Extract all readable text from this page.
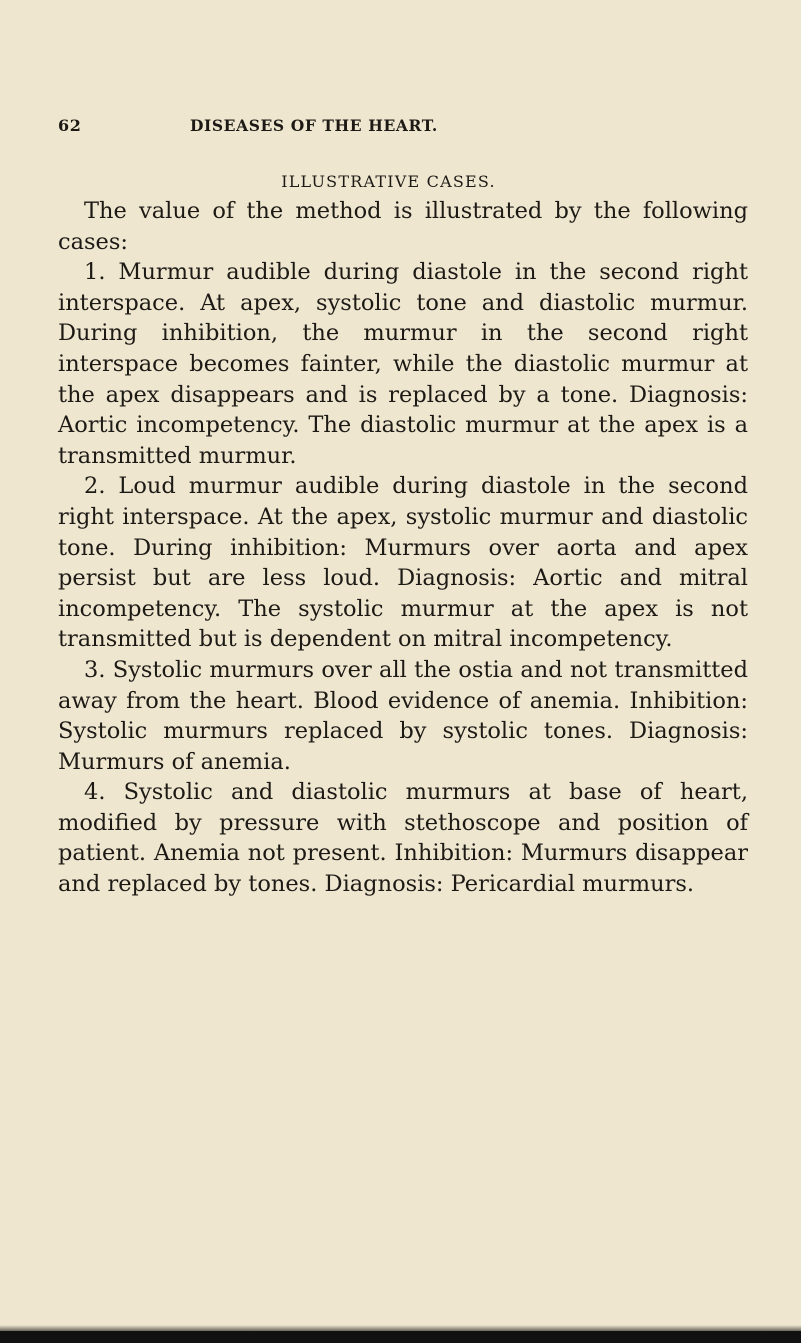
62	DISEASES OF THE HEART.
ILLUSTRATIVE CASES.

The value of the method is illustrated by the following cases:

1. Murmur audible during diastole in the second right interspace. At apex, systolic tone and diastolic murmur. During inhibition, the murmur in the second right interspace becomes fainter, while the diastolic murmur at the apex disappears and is replaced by a tone. Diagnosis: Aortic incompetency. The diastolic murmur at the apex is a transmitted murmur.

2. Loud murmur audible during diastole in the second right interspace. At the apex, systolic murmur and diastolic tone. During inhibition: Murmurs over aorta and apex persist but are less loud. Diagnosis: Aortic and mitral incompetency. The systolic murmur at the apex is not transmitted but is dependent on mitral incompetency.

3. Systolic murmurs over all the ostia and not transmitted away from the heart. Blood evidence of anemia. Inhibition: Systolic murmurs replaced by systolic tones. Diagnosis: Murmurs of anemia.

4. Systolic and diastolic murmurs at base of heart, modified by pressure with stethoscope and position of patient. Anemia not present. Inhibition: Murmurs disappear and replaced by tones. Diagnosis: Pericardial murmurs.
